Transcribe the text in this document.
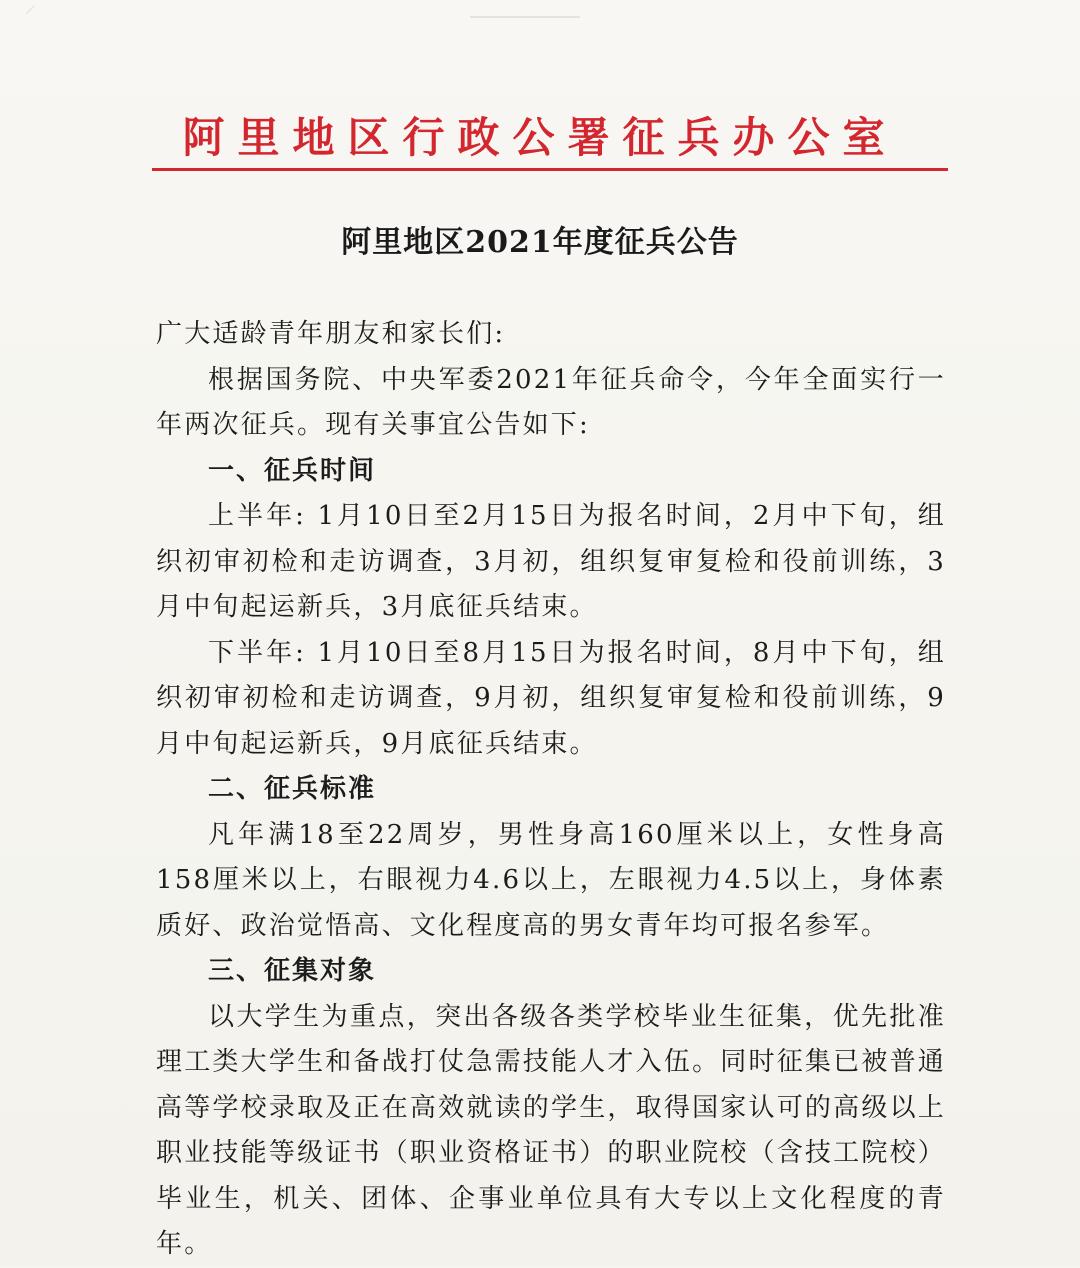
阿里地区行政公署征兵办公室
阿里地区2021年度征兵公告

广大适龄青年朋友和家长们:

根据国务院、中央军委2021年征兵命令，今年全面实行一年两次征兵。现有关事宜公告如下:

一、征兵时间

上半年: 1月10日至2月15日为报名时间，2月中下旬，组织初审初检和走访调查，3月初，组织复审复检和役前训练，3月中旬起运新兵，3月底征兵结束。

下半年: 1月10日至8月15日为报名时间，8月中下旬，组织初审初检和走访调查，9月初，组织复审复检和役前训练，9月中旬起运新兵，9月底征兵结束。

二、征兵标准

凡年满18至22周岁，男性身高160厘米以上，女性身高158厘米以上，右眼视力4.6以上，左眼视力4.5以上，身体素质好、政治觉悟高、文化程度高的男女青年均可报名参军。

三、征集对象

以大学生为重点，突出各级各类学校毕业生征集，优先批准理工类大学生和备战打仗急需技能人才入伍。同时征集已被普通高等学校录取及正在高效就读的学生，取得国家认可的高级以上职业技能等级证书（职业资格证书）的职业院校（含技工院校）毕业生，机关、团体、企事业单位具有大专以上文化程度的青年。
